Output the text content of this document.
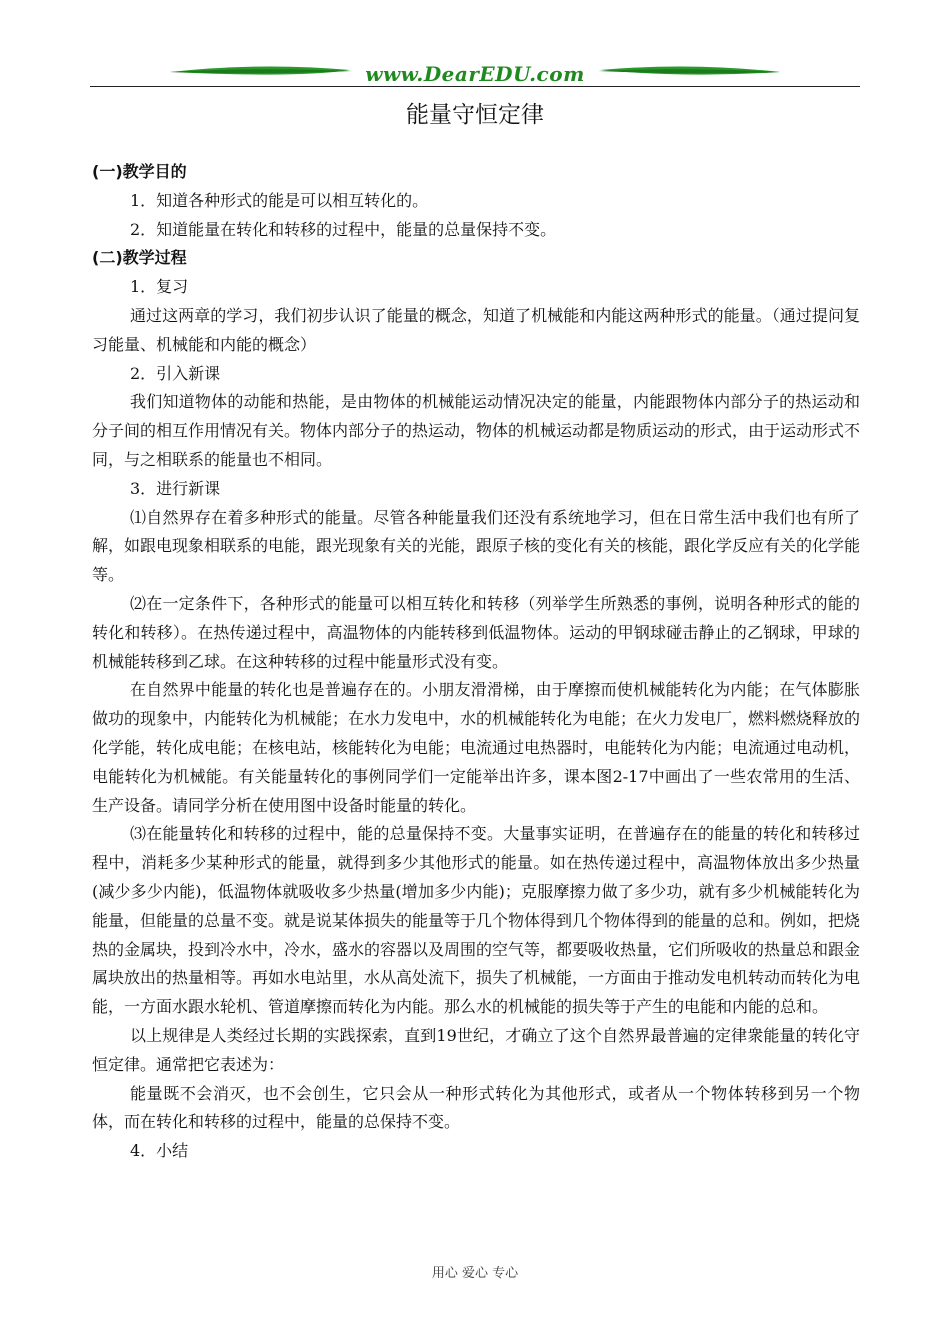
www.DearEDU.com
能量守恒定律
(一)教学目的
1．知道各种形式的能是可以相互转化的。
2．知道能量在转化和转移的过程中，能量的总量保持不变。
(二)教学过程
1．复习
通过这两章的学习，我们初步认识了能量的概念，知道了机械能和内能这两种形式的能量。（通过提问复习能量、机械能和内能的概念）
2．引入新课
我们知道物体的动能和热能，是由物体的机械能运动情况决定的能量，内能跟物体内部分子的热运动和分子间的相互作用情况有关。物体内部分子的热运动，物体的机械运动都是物质运动的形式，由于运动形式不同，与之相联系的能量也不相同。
3．进行新课
⑴自然界存在着多种形式的能量。尽管各种能量我们还没有系统地学习，但在日常生活中我们也有所了解，如跟电现象相联系的电能，跟光现象有关的光能，跟原子核的变化有关的核能，跟化学反应有关的化学能等。
⑵在一定条件下，各种形式的能量可以相互转化和转移（列举学生所熟悉的事例，说明各种形式的能的转化和转移）。在热传递过程中，高温物体的内能转移到低温物体。运动的甲钢球碰击静止的乙钢球，甲球的机械能转移到乙球。在这种转移的过程中能量形式没有变。
在自然界中能量的转化也是普遍存在的。小朋友滑滑梯，由于摩擦而使机械能转化为内能；在气体膨胀做功的现象中，内能转化为机械能；在水力发电中，水的机械能转化为电能；在火力发电厂，燃料燃烧释放的化学能，转化成电能；在核电站，核能转化为电能；电流通过电热器时，电能转化为内能；电流通过电动机，电能转化为机械能。有关能量转化的事例同学们一定能举出许多，课本图2-17中画出了一些农常用的生活、生产设备。请同学分析在使用图中设备时能量的转化。
⑶在能量转化和转移的过程中，能的总量保持不变。大量事实证明，在普遍存在的能量的转化和转移过程中，消耗多少某种形式的能量，就得到多少其他形式的能量。如在热传递过程中，高温物体放出多少热量(减少多少内能)，低温物体就吸收多少热量(增加多少内能)；克服摩擦力做了多少功，就有多少机械能转化为能量，但能量的总量不变。就是说某体损失的能量等于几个物体得到几个物体得到的能量的总和。例如，把烧热的金属块，投到冷水中，冷水，盛水的容器以及周围的空气等，都要吸收热量，它们所吸收的热量总和跟金属块放出的热量相等。再如水电站里，水从高处流下，损失了机械能，一方面由于推动发电机转动而转化为电能，一方面水跟水轮机、管道摩擦而转化为内能。那么水的机械能的损失等于产生的电能和内能的总和。
以上规律是人类经过长期的实践探索，直到19世纪，才确立了这个自然界最普遍的定律衆能量的转化守恒定律。通常把它表述为：
能量既不会消灭，也不会创生，它只会从一种形式转化为其他形式，或者从一个物体转移到另一个物体，而在转化和转移的过程中，能量的总保持不变。
4．小结
用心 爱心 专心
